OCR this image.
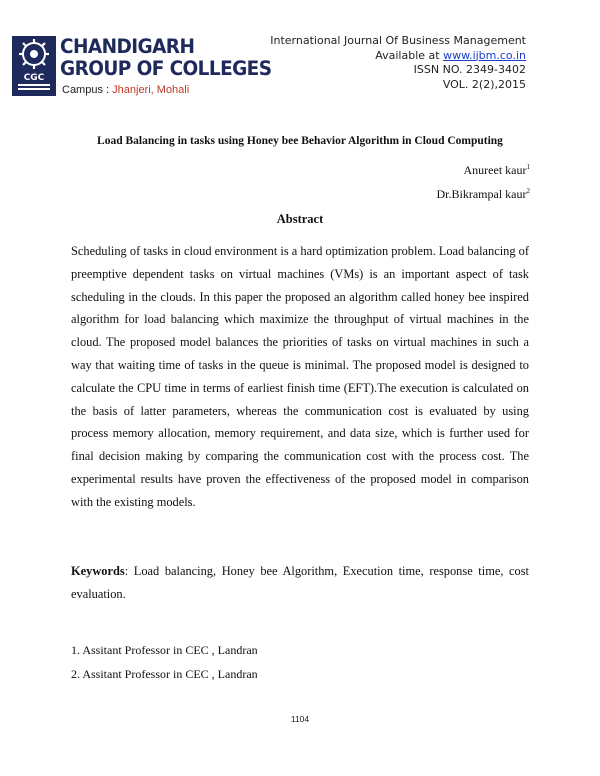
CGC
CHANDIGARH
GROUP OF COLLEGES
Campus : Jhanjeri, Mohali
International Journal Of Business Management
Available at www.ijbm.co.in
ISSN NO. 2349-3402
VOL. 2(2),2015
Load Balancing in tasks using Honey bee Behavior Algorithm in Cloud Computing
Anureet kaur$^1$
Dr.Bikrampal kaur$^2$
Abstract

Scheduling of tasks in cloud environment is a hard optimization problem. Load balancing of preemptive dependent tasks on virtual machines (VMs) is an important aspect of task scheduling in the clouds. In this paper the proposed an algorithm called honey bee inspired algorithm for load balancing which maximize the throughput of virtual machines in the cloud. The proposed model balances the priorities of tasks on virtual machines in such a way that waiting time of tasks in the queue is minimal. The proposed model is designed to calculate the CPU time in terms of earliest finish time (EFT).The execution is calculated on the basis of latter parameters, whereas the communication cost is evaluated by using process memory allocation, memory requirement, and data size, which is further used for final decision making by comparing the communication cost with the process cost. The experimental results have proven the effectiveness of the proposed model in comparison with the existing models.

Keywords: Load balancing, Honey bee Algorithm, Execution time, response time, cost evaluation.

1. Assitant Professor in CEC , Landran
2. Assitant Professor in CEC , Landran
1104
